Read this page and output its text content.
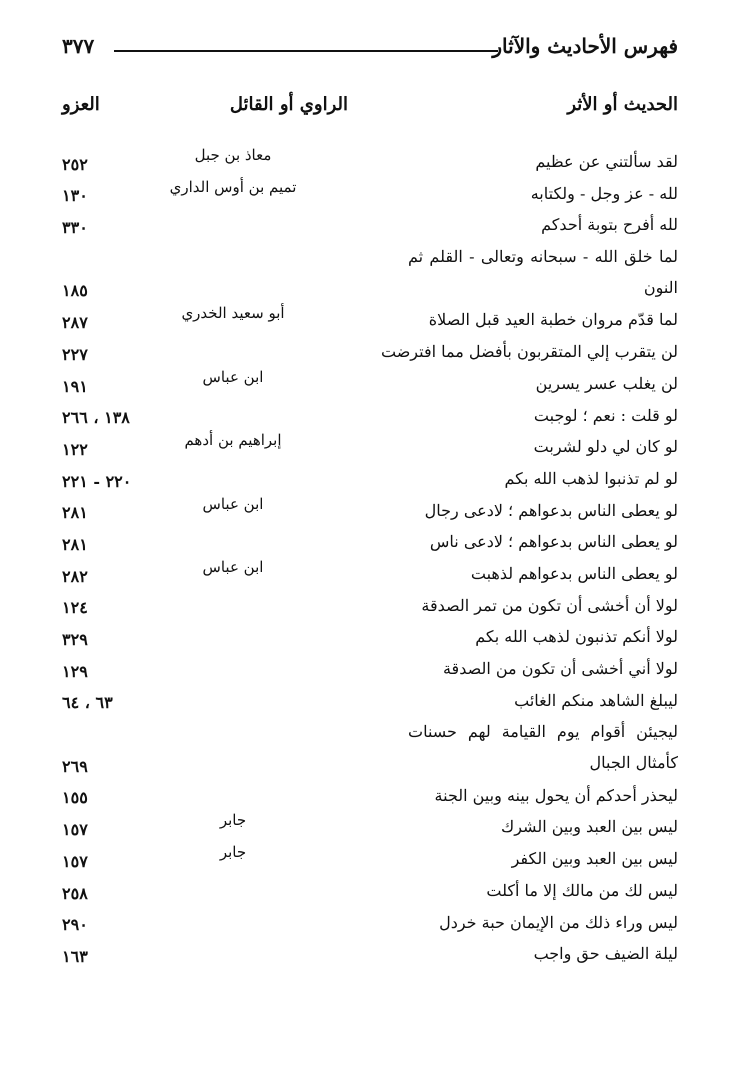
فهرس الأحاديث والآثار
٣٧٧
الحديث أو الأثر
الراوي أو القائل
العزو
لقد سألتني عن عظيم
معاذ بن جبل
٢٥٢
لله - عز وجل - ولكتابه
تميم بن أوس الداري
١٣٠
لله أفرح بتوبة أحدكم
٣٣٠
لما خلق الله - سبحانه وتعالى - القلم ثم النون
١٨٥
لما قدّم مروان خطبة العيد قبل الصلاة
أبو سعيد الخدري
٢٨٧
لن يتقرب إلي المتقربون بأفضل مما افترضت
٢٢٧
لن يغلب عسر يسرين
ابن عباس
١٩١
لو قلت : نعم ؛ لوجبت
١٣٨ ، ٢٦٦
لو كان لي دلو لشربت
إبراهيم بن أدهم
١٢٢
لو لم تذنبوا لذهب الله بكم
٢٢٠ - ٢٢١
لو يعطى الناس بدعواهم ؛ لادعى رجال
ابن عباس
٢٨١
لو يعطى الناس بدعواهم ؛ لادعى ناس
٢٨١
لو يعطى الناس بدعواهم لذهبت
ابن عباس
٢٨٢
لولا أن أخشى أن تكون من تمر الصدقة
١٢٤
لولا أنكم تذنبون لذهب الله بكم
٣٢٩
لولا أني أخشى أن تكون من الصدقة
١٢٩
ليبلغ الشاهد منكم الغائب
٦٣ ، ٦٤
ليجيئن أقوام يوم القيامة لهم حسنات كأمثال الجبال
٢٦٩
ليحذر أحدكم أن يحول بينه وبين الجنة
١٥٥
ليس بين العبد وبين الشرك
جابر
١٥٧
ليس بين العبد وبين الكفر
جابر
١٥٧
ليس لك من مالك إلا ما أكلت
٢٥٨
ليس وراء ذلك من الإيمان حبة خردل
٢٩٠
ليلة الضيف حق واجب
١٦٣
